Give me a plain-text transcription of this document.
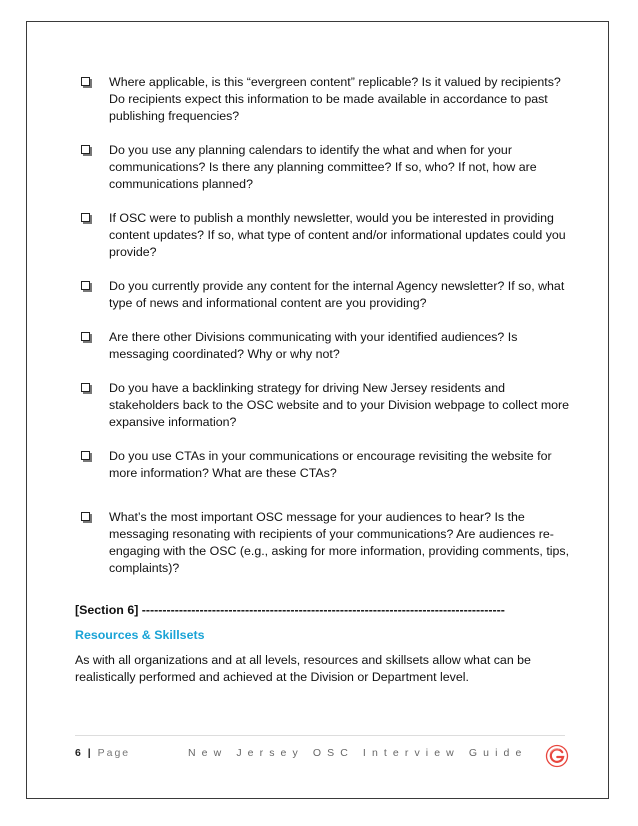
Where applicable, is this “evergreen content” replicable? Is it valued by recipients? Do recipients expect this information to be made available in accordance to past publishing frequencies?
Do you use any planning calendars to identify the what and when for your communications? Is there any planning committee? If so, who? If not, how are communications planned?
If OSC were to publish a monthly newsletter, would you be interested in providing content updates? If so, what type of content and/or informational updates could you provide?
Do you currently provide any content for the internal Agency newsletter? If so, what type of news and informational content are you providing?
Are there other Divisions communicating with your identified audiences? Is messaging coordinated? Why or why not?
Do you have a backlinking strategy for driving New Jersey residents and stakeholders back to the OSC website and to your Division webpage to collect more expansive information?
Do you use CTAs in your communications or encourage revisiting the website for more information? What are these CTAs?
What’s the most important OSC message for your audiences to hear? Is the messaging resonating with recipients of your communications? Are audiences re-engaging with the OSC (e.g., asking for more information, providing comments, tips, complaints)?
[Section 6] ----------------------------------------------------------------------------------------
Resources & Skillsets

As with all organizations and at all levels, resources and skillsets allow what can be realistically performed and achieved at the Division or Department level.

6 | Page	New Jersey OSC Interview Guide
